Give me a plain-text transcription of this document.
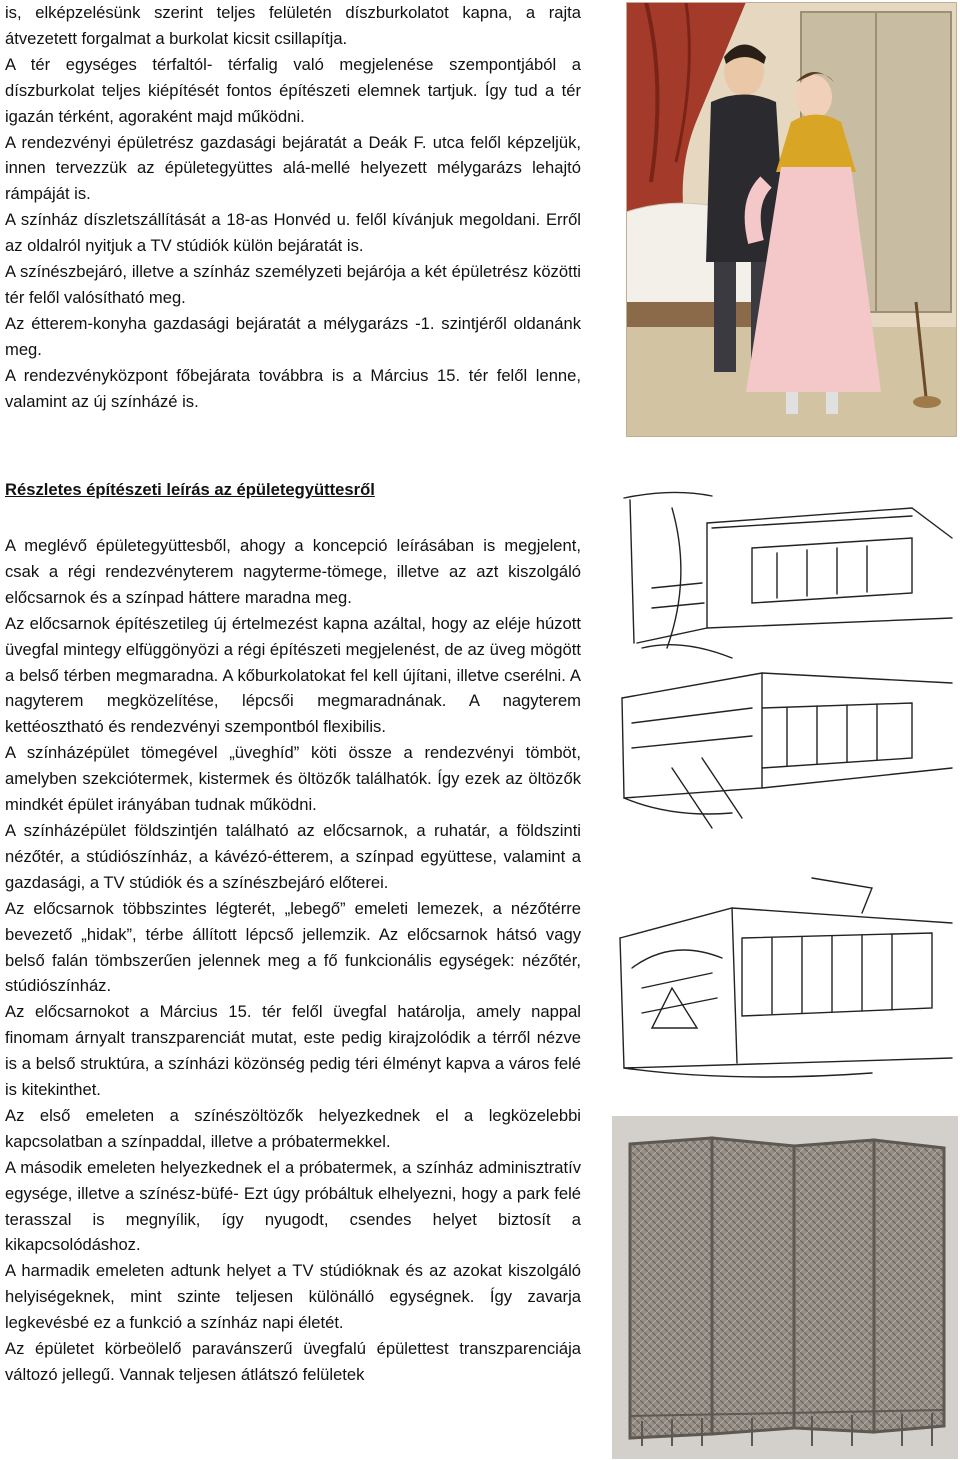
is, elképzelésünk szerint teljes felületén díszburkolatot kapna, a rajta átvezetett forgalmat a burkolat kicsit csillapítja.

A tér egységes térfaltól- térfalig való megjelenése szempontjából a díszburkolat teljes kiépítését fontos építészeti elemnek tartjuk. Így tud a tér igazán térként, agoraként majd működni.

A rendezvényi épületrész gazdasági bejáratát a Deák F. utca felől képzeljük, innen tervezzük az épületegyüttes alá-mellé helyezett mélygarázs lehajtó rámpáját is.

A színház díszletszállítását a 18-as Honvéd u. felől kívánjuk megoldani. Erről az oldalról nyitjuk a TV stúdiók külön bejáratát is.

A színészbejáró, illetve a színház személyzeti bejárója a két épületrész közötti tér felől valósítható meg.

Az étterem-konyha gazdasági bejáratát a mélygarázs -1. szintjéről oldanánk meg.

A rendezvényközpont főbejárata továbbra is a Március 15. tér felől lenne, valamint az új színházé is.

Részletes építészeti leírás az épületegyüttesről

A meglévő épületegyüttesből, ahogy a koncepció leírásában is megjelent, csak a régi rendezvényterem nagyterme-tömege, illetve az azt kiszolgáló előcsarnok és a színpad háttere maradna meg.

Az előcsarnok építészetileg új értelmezést kapna azáltal, hogy az eléje húzott üvegfal mintegy elfüggönyözi a régi építészeti megjelenést, de az üveg mögött a belső térben megmaradna. A kőburkolatokat fel kell újítani, illetve cserélni. A nagyterem megközelítése, lépcsői megmaradnának. A nagyterem kettéosztható és rendezvényi szempontból flexibilis.

A színházépület tömegével „üveghíd” köti össze a rendezvényi tömböt, amelyben szekciótermek, kistermek és öltözők találhatók. Így ezek az öltözők mindkét épület irányában tudnak működni.

A színházépület földszintjén található az előcsarnok, a ruhatár, a földszinti nézőtér, a stúdiószínház, a kávézó-étterem, a színpad együttese, valamint a gazdasági, a TV stúdiók és a színészbejáró előterei.

Az előcsarnok többszintes légterét, „lebegő” emeleti lemezek, a nézőtérre bevezető „hidak”, térbe állított lépcső jellemzik. Az előcsarnok hátsó vagy belső falán tömbszerűen jelennek meg a fő funkcionális egységek: nézőtér, stúdiószínház.

Az előcsarnokot a Március 15. tér felől üvegfal határolja, amely nappal finomam árnyalt transzparenciát mutat, este pedig kirajzolódik a térről nézve is a belső struktúra, a színházi közönség pedig téri élményt kapva a város felé is kitekinthet.

Az első emeleten a színészöltözők helyezkednek el a legközelebbi kapcsolatban a színpaddal, illetve a próbatermekkel.

A második emeleten helyezkednek el a próbatermek, a színház adminisztratív egysége, illetve a színész-büfé- Ezt úgy próbáltuk elhelyezni, hogy a park felé terasszal is megnyílik, így nyugodt, csendes helyet biztosít a kikapcsolódáshoz.

A harmadik emeleten adtunk helyet a TV stúdióknak és az azokat kiszolgáló helyiségeknek, mint szinte teljesen különálló egységnek. Így zavarja legkevésbé ez a funkció a színház napi életét.

Az épületet körbeölelő paravánszerű üvegfalú épülettest transzparenciája változó jellegű. Vannak teljesen átlátszó felületek
